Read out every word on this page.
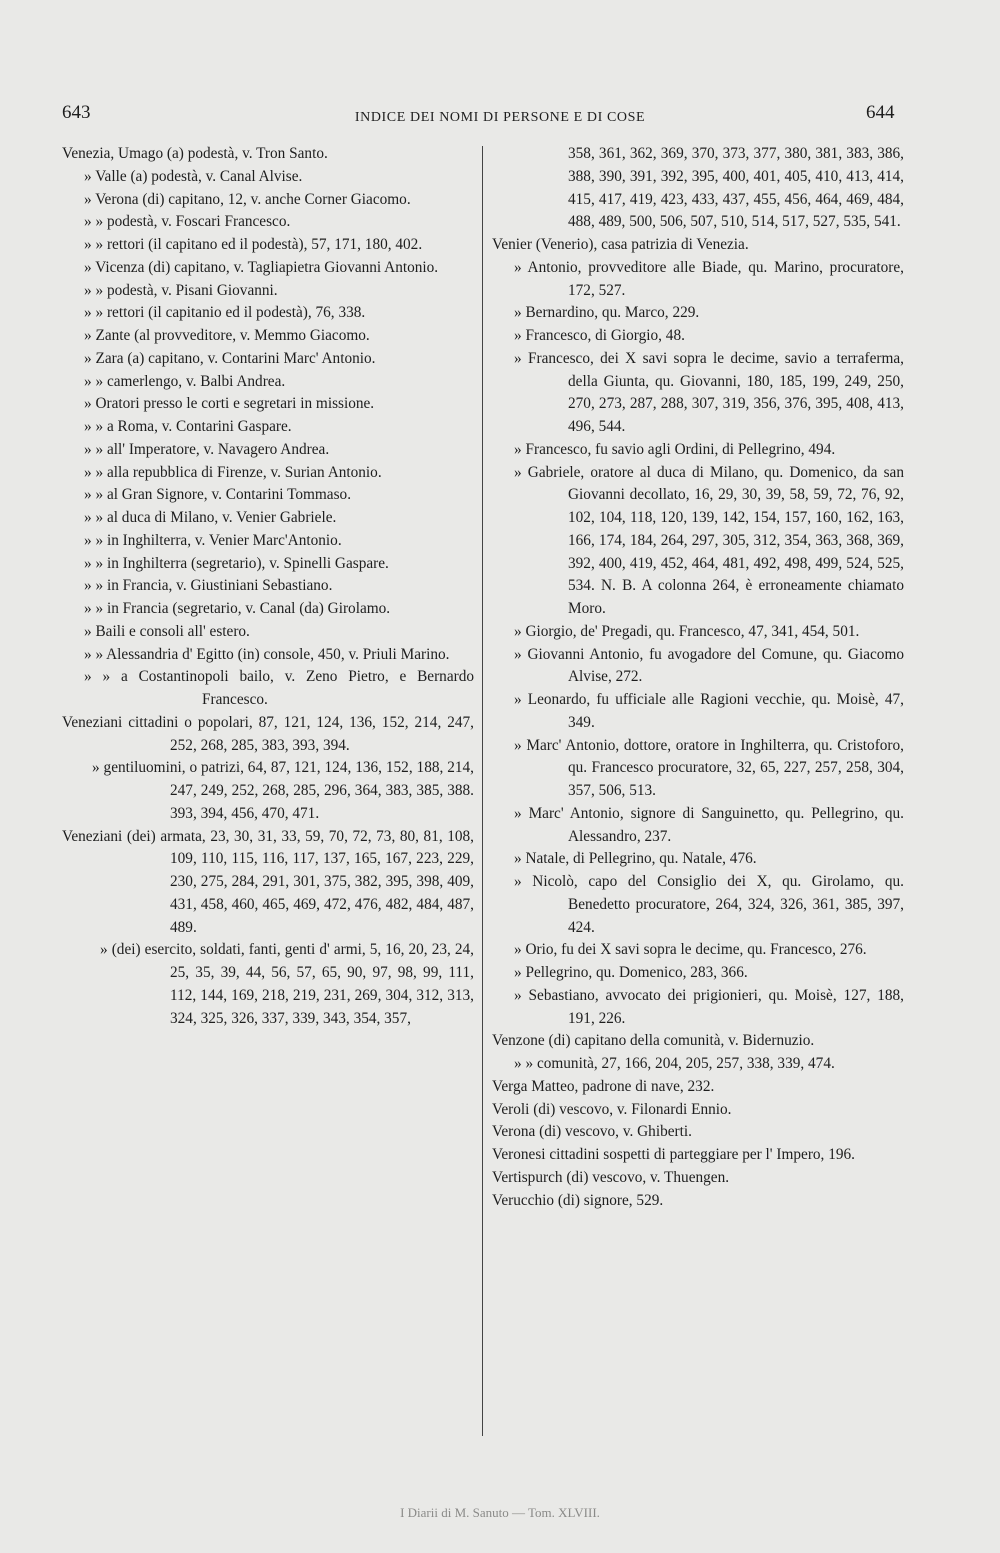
643	INDICE DEI NOMI DI PERSONE E DI COSE	644
Venezia, Umago (a) podestà, v. Tron Santo.
» Valle (a) podestà, v. Canal Alvise.
» Verona (di) capitano, 12, v. anche Corner Giacomo.
» » podestà, v. Foscari Francesco.
» » rettori (il capitano ed il podestà), 57, 171, 180, 402.
» Vicenza (di) capitano, v. Tagliapietra Giovanni Antonio.
» » podestà, v. Pisani Giovanni.
» » rettori (il capitanio ed il podestà), 76, 338.
» Zante (al provveditore, v. Memmo Giacomo.
» Zara (a) capitano, v. Contarini Marc' Antonio.
» » camerlengo, v. Balbi Andrea.
» Oratori presso le corti e segretari in missione.
» » a Roma, v. Contarini Gaspare.
» » all' Imperatore, v. Navagero Andrea.
» » alla repubblica di Firenze, v. Surian Antonio.
» » al Gran Signore, v. Contarini Tommaso.
» » al duca di Milano, v. Venier Gabriele.
» » in Inghilterra, v. Venier Marc'Antonio.
» » in Inghilterra (segretario), v. Spinelli Gaspare.
» » in Francia, v. Giustiniani Sebastiano.
» » in Francia (segretario, v. Canal (da) Girolamo.
» Baili e consoli all' estero.
» » Alessandria d' Egitto (in) console, 450, v. Priuli Marino.
» » a Costantinopoli bailo, v. Zeno Pietro, e Bernardo Francesco.
Veneziani cittadini o popolari, 87, 121, 124, 136, 152, 214, 247, 252, 268, 285, 383, 393, 394.
» gentiluomini, o patrizi, 64, 87, 121, 124, 136, 152, 188, 214, 247, 249, 252, 268, 285, 296, 364, 383, 385, 388. 393, 394, 456, 470, 471.
Veneziani (dei) armata, 23, 30, 31, 33, 59, 70, 72, 73, 80, 81, 108, 109, 110, 115, 116, 117, 137, 165, 167, 223, 229, 230, 275, 284, 291, 301, 375, 382, 395, 398, 409, 431, 458, 460, 465, 469, 472, 476, 482, 484, 487, 489.
» (dei) esercito, soldati, fanti, genti d' armi, 5, 16, 20, 23, 24, 25, 35, 39, 44, 56, 57, 65, 90, 97, 98, 99, 111, 112, 144, 169, 218, 219, 231, 269, 304, 312, 313, 324, 325, 326, 337, 339, 343, 354, 357,
358, 361, 362, 369, 370, 373, 377, 380, 381, 383, 386, 388, 390, 391, 392, 395, 400, 401, 405, 410, 413, 414, 415, 417, 419, 423, 433, 437, 455, 456, 464, 469, 484, 488, 489, 500, 506, 507, 510, 514, 517, 527, 535, 541.
Venier (Venerio), casa patrizia di Venezia.
» Antonio, provveditore alle Biade, qu. Marino, procuratore, 172, 527.
» Bernardino, qu. Marco, 229.
» Francesco, di Giorgio, 48.
» Francesco, dei X savi sopra le decime, savio a terraferma, della Giunta, qu. Giovanni, 180, 185, 199, 249, 250, 270, 273, 287, 288, 307, 319, 356, 376, 395, 408, 413, 496, 544.
» Francesco, fu savio agli Ordini, di Pellegrino, 494.
» Gabriele, oratore al duca di Milano, qu. Domenico, da san Giovanni decollato, 16, 29, 30, 39, 58, 59, 72, 76, 92, 102, 104, 118, 120, 139, 142, 154, 157, 160, 162, 163, 166, 174, 184, 264, 297, 305, 312, 354, 363, 368, 369, 392, 400, 419, 452, 464, 481, 492, 498, 499, 524, 525, 534. N. B. A colonna 264, è erroneamente chiamato Moro.
» Giorgio, de' Pregadi, qu. Francesco, 47, 341, 454, 501.
» Giovanni Antonio, fu avogadore del Comune, qu. Giacomo Alvise, 272.
» Leonardo, fu ufficiale alle Ragioni vecchie, qu. Moisè, 47, 349.
» Marc' Antonio, dottore, oratore in Inghilterra, qu. Cristoforo, qu. Francesco procuratore, 32, 65, 227, 257, 258, 304, 357, 506, 513.
» Marc' Antonio, signore di Sanguinetto, qu. Pellegrino, qu. Alessandro, 237.
» Natale, di Pellegrino, qu. Natale, 476.
» Nicolò, capo del Consiglio dei X, qu. Girolamo, qu. Benedetto procuratore, 264, 324, 326, 361, 385, 397, 424.
» Orio, fu dei X savi sopra le decime, qu. Francesco, 276.
» Pellegrino, qu. Domenico, 283, 366.
» Sebastiano, avvocato dei prigionieri, qu. Moisè, 127, 188, 191, 226.
Venzone (di) capitano della comunità, v. Bidernuzio.
» » comunità, 27, 166, 204, 205, 257, 338, 339, 474.
Verga Matteo, padrone di nave, 232.
Veroli (di) vescovo, v. Filonardi Ennio.
Verona (di) vescovo, v. Ghiberti.
Veronesi cittadini sospetti di parteggiare per l' Impero, 196.
Vertispurch (di) vescovo, v. Thuengen.
Verucchio (di) signore, 529.
I Diarii di M. Sanuto — Tom. XLVIII.
